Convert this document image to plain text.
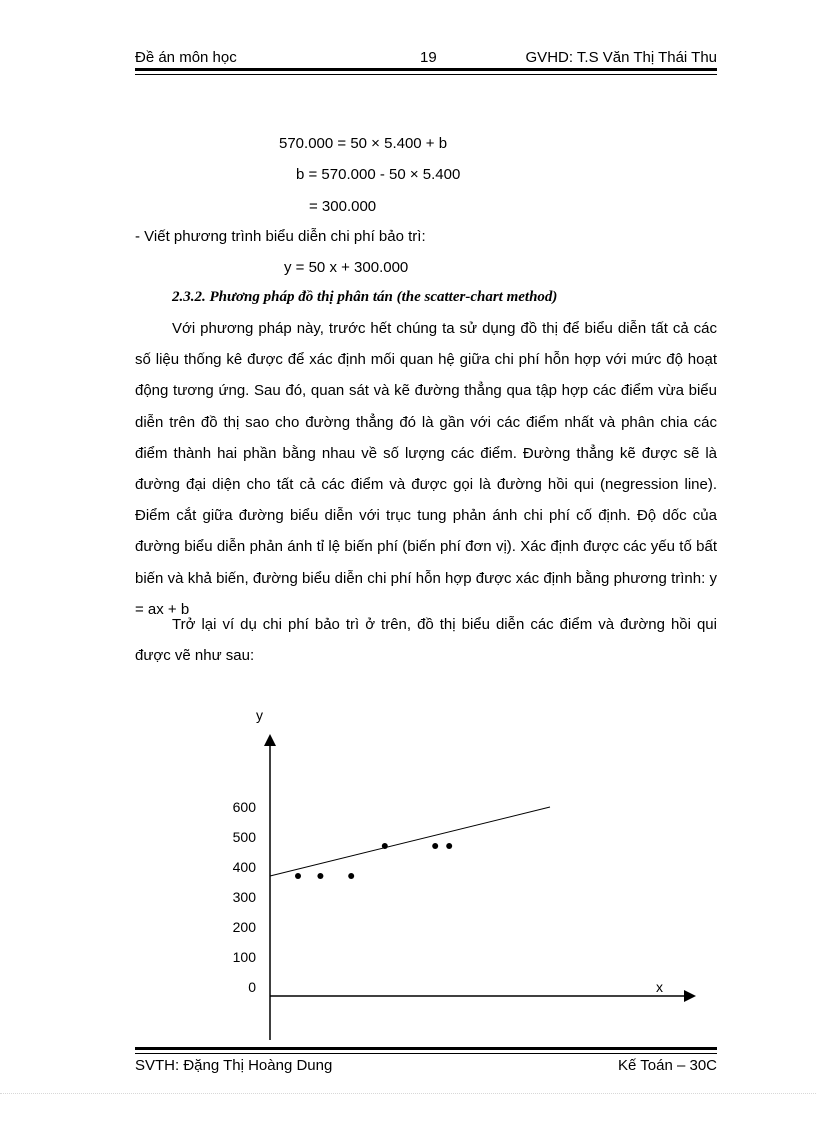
Đề án môn học	19	GVHD: T.S Văn Thị Thái Thu
570.000 = 50 × 5.400 + b
b = 570.000 - 50 × 5.400
= 300.000
- Viết phương trình biểu diễn chi phí bảo trì:
y = 50 x + 300.000
2.3.2. Phương pháp đồ thị phân tán (the scatter-chart method)
Với phương pháp này, trước hết chúng ta sử dụng đồ thị để biểu diễn tất cả các số liệu thống kê được để xác định mối quan hệ giữa chi phí hỗn hợp với mức độ hoạt động tương ứng. Sau đó, quan sát và kẽ đường thẳng qua tập hợp các điểm vừa biểu diễn trên đồ thị sao cho đường thẳng đó là gần với các điểm nhất và phân chia các điểm thành hai phần bằng nhau về số lượng các điểm. Đường thẳng kẽ được sẽ là đường đại diện cho tất cả các điểm và được gọi là đường hồi qui (negression line). Điểm cắt giữa đường biểu diễn với trục tung phản ánh chi phí cố định. Độ dốc của đường biểu diễn phản ánh tỉ lệ biến phí (biến phí đơn vị). Xác định được các yếu tố bất biến và khả biến, đường biểu diễn chi phí hỗn hợp được xác định bằng phương trình: y = ax + b
Trở lại ví dụ chi phí bảo trì ở trên, đồ thị biểu diễn các điểm và đường hồi qui được vẽ như sau:
0
100
200
300
400
500
600
y
x
SVTH: Đặng Thị Hoàng Dung	Kế Toán – 30C
